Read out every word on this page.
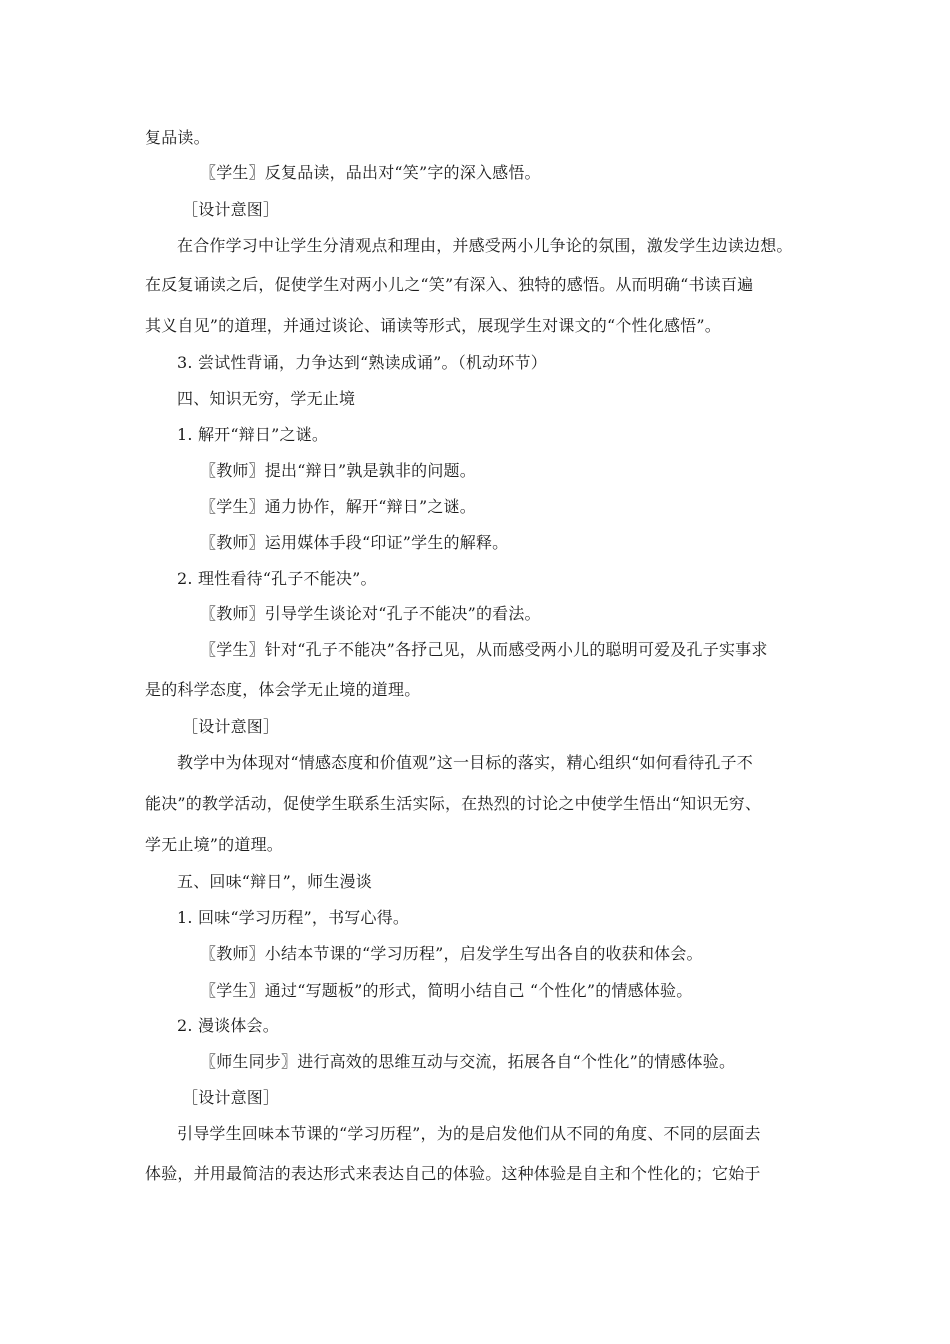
复品读。
〖学生〗反复品读，品出对“笑”字的深入感悟。
［设计意图］
在合作学习中让学生分清观点和理由，并感受两小儿争论的氛围，激发学生边读边想。
在反复诵读之后，促使学生对两小儿之“笑”有深入、独特的感悟。从而明确“书读百遍
其义自见”的道理，并通过谈论、诵读等形式，展现学生对课文的“个性化感悟”。
3. 尝试性背诵，力争达到“熟读成诵”。（机动环节）
四、知识无穷，学无止境
1. 解开“辩日”之谜。
〖教师〗提出“辩日”孰是孰非的问题。
〖学生〗通力协作，解开“辩日”之谜。
〖教师〗运用媒体手段“印证”学生的解释。
2. 理性看待“孔子不能决”。
〖教师〗引导学生谈论对“孔子不能决”的看法。
〖学生〗针对“孔子不能决”各抒己见，从而感受两小儿的聪明可爱及孔子实事求
是的科学态度，体会学无止境的道理。
［设计意图］
教学中为体现对“情感态度和价值观”这一目标的落实，精心组织“如何看待孔子不
能决”的教学活动，促使学生联系生活实际，在热烈的讨论之中使学生悟出“知识无穷、
学无止境”的道理。
五、回味“辩日”，师生漫谈
1. 回味“学习历程”，书写心得。
〖教师〗小结本节课的“学习历程”，启发学生写出各自的收获和体会。
〖学生〗通过“写题板”的形式，简明小结自己 “个性化”的情感体验。
2. 漫谈体会。
〖师生同步〗进行高效的思维互动与交流，拓展各自“个性化”的情感体验。
［设计意图］
引导学生回味本节课的“学习历程”，为的是启发他们从不同的角度、不同的层面去
体验，并用最简洁的表达形式来表达自己的体验。这种体验是自主和个性化的；它始于
